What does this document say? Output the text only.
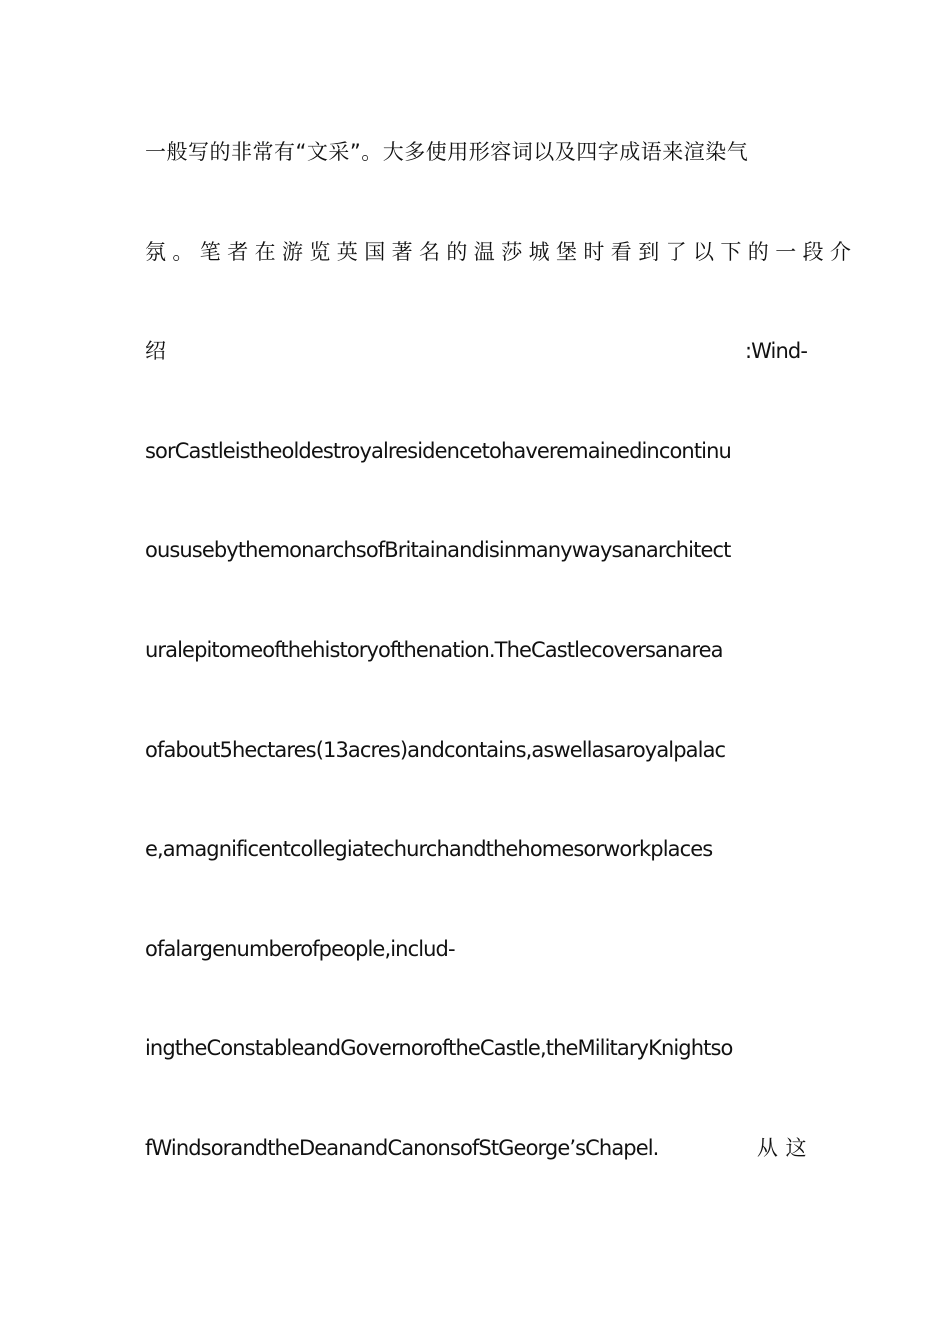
一般写的非常有“文采”。大多使用形容词以及四字成语来渲染气
氛。笔者在游览英国著名的温莎城堡时看到了以下的一段介
绍	:Wind-
sorCastleistheoldestroyalresidencetohaveremainedincontinu
oususebythemonarchsofBritainandisinmanywaysanarchitect
uralepitomeofthehistoryofthenation.TheCastlecoversanarea
ofabout5hectares(13acres)andcontains,aswellasaroyalpalac
e,amagnificentcollegiatechurchandthehomesorworkplaces
ofalargenumberofpeople,includ-
ingtheConstableandGovernoroftheCastle,theMilitaryKnightso
fWindsorandtheDeanandCanonsofStGeorge’sChapel.	从 这
